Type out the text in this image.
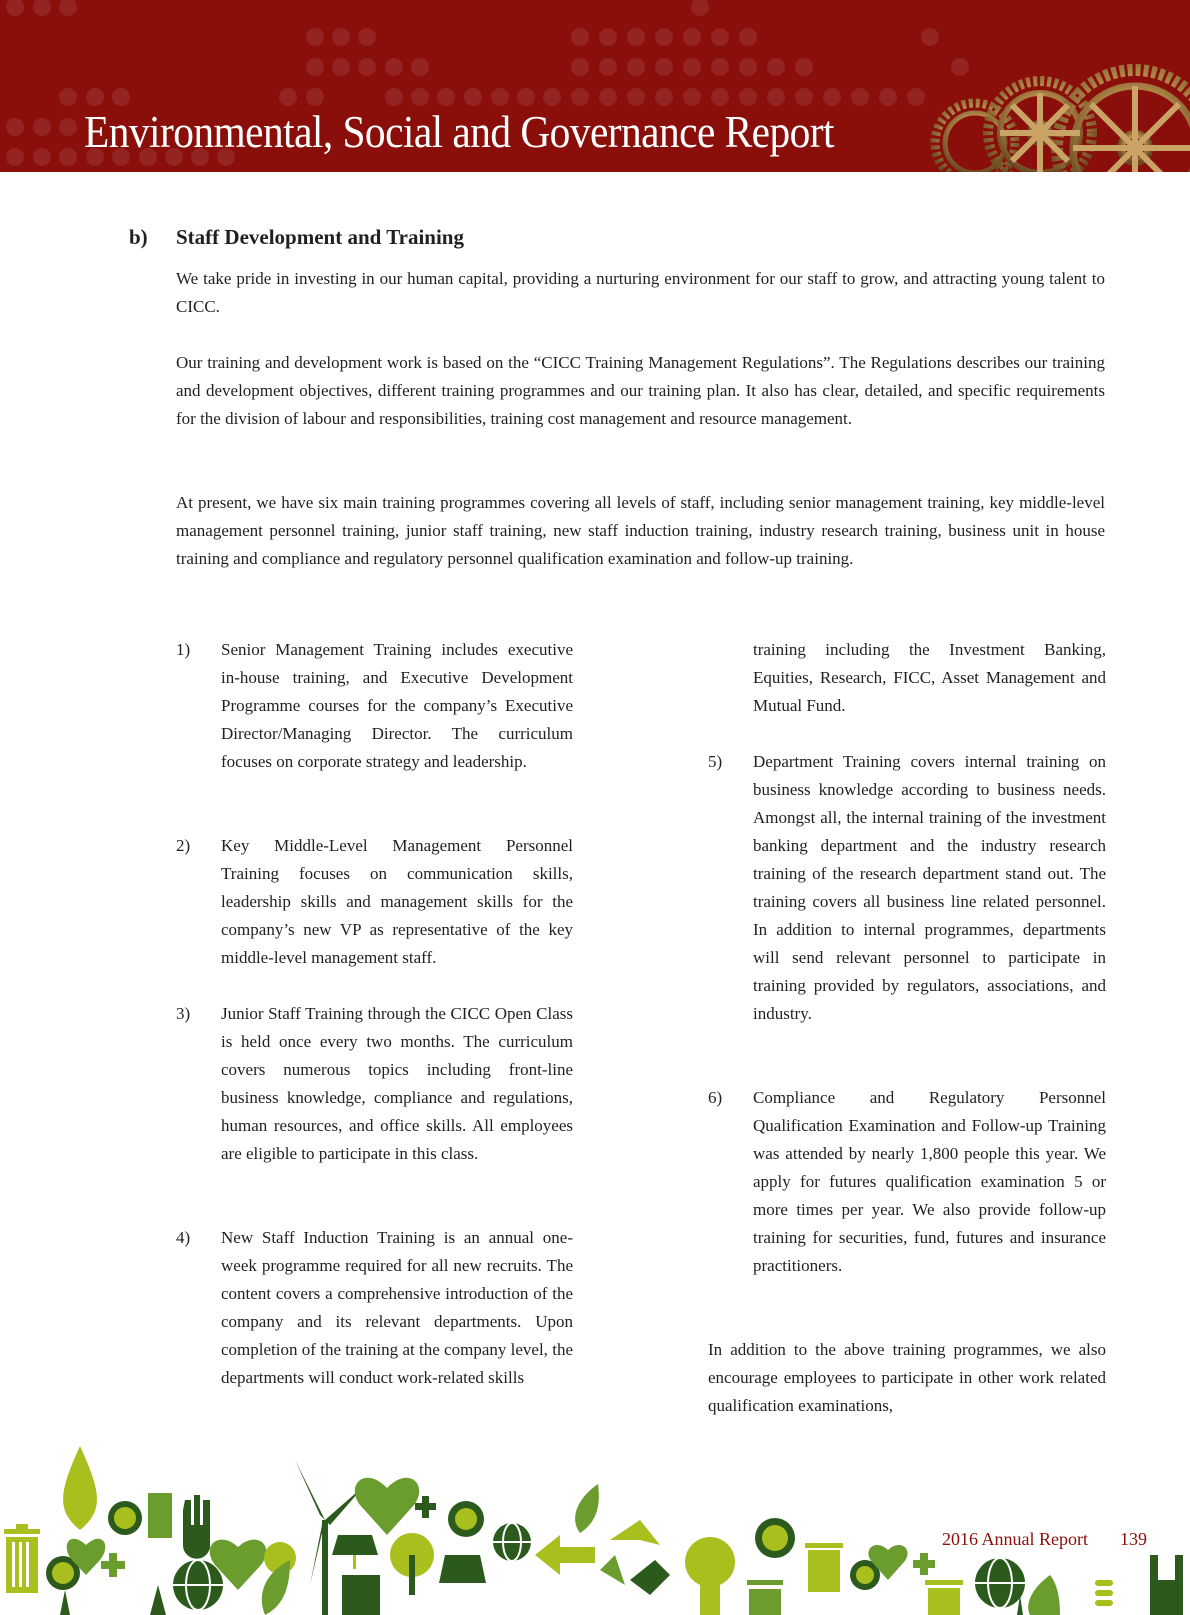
Environmental, Social and Governance Report
b) Staff Development and Training
We take pride in investing in our human capital, providing a nurturing environment for our staff to grow, and attracting young talent to CICC.
Our training and development work is based on the “CICC Training Management Regulations”. The Regulations describes our training and development objectives, different training programmes and our training plan. It also has clear, detailed, and specific requirements for the division of labour and responsibilities, training cost management and resource management.
At present, we have six main training programmes covering all levels of staff, including senior management training, key middle-level management personnel training, junior staff training, new staff induction training, industry research training, business unit in house training and compliance and regulatory personnel qualification examination and follow-up training.
1) Senior Management Training includes executive in-house training, and Executive Development Programme courses for the company’s Executive Director/Managing Director. The curriculum focuses on corporate strategy and leadership.
2) Key Middle-Level Management Personnel Training focuses on communication skills, leadership skills and management skills for the company’s new VP as representative of the key middle-level management staff.
3) Junior Staff Training through the CICC Open Class is held once every two months. The curriculum covers numerous topics including front-line business knowledge, compliance and regulations, human resources, and office skills. All employees are eligible to participate in this class.
4) New Staff Induction Training is an annual one-week programme required for all new recruits. The content covers a comprehensive introduction of the company and its relevant departments. Upon completion of the training at the company level, the departments will conduct work-related skills
training including the Investment Banking, Equities, Research, FICC, Asset Management and Mutual Fund.
5) Department Training covers internal training on business knowledge according to business needs. Amongst all, the internal training of the investment banking department and the industry research training of the research department stand out. The training covers all business line related personnel. In addition to internal programmes, departments will send relevant personnel to participate in training provided by regulators, associations, and industry.
6) Compliance and Regulatory Personnel Qualification Examination and Follow-up Training was attended by nearly 1,800 people this year. We apply for futures qualification examination 5 or more times per year. We also provide follow-up training for securities, fund, futures and insurance practitioners.
In addition to the above training programmes, we also encourage employees to participate in other work related qualification examinations,
2016 Annual Report 139
